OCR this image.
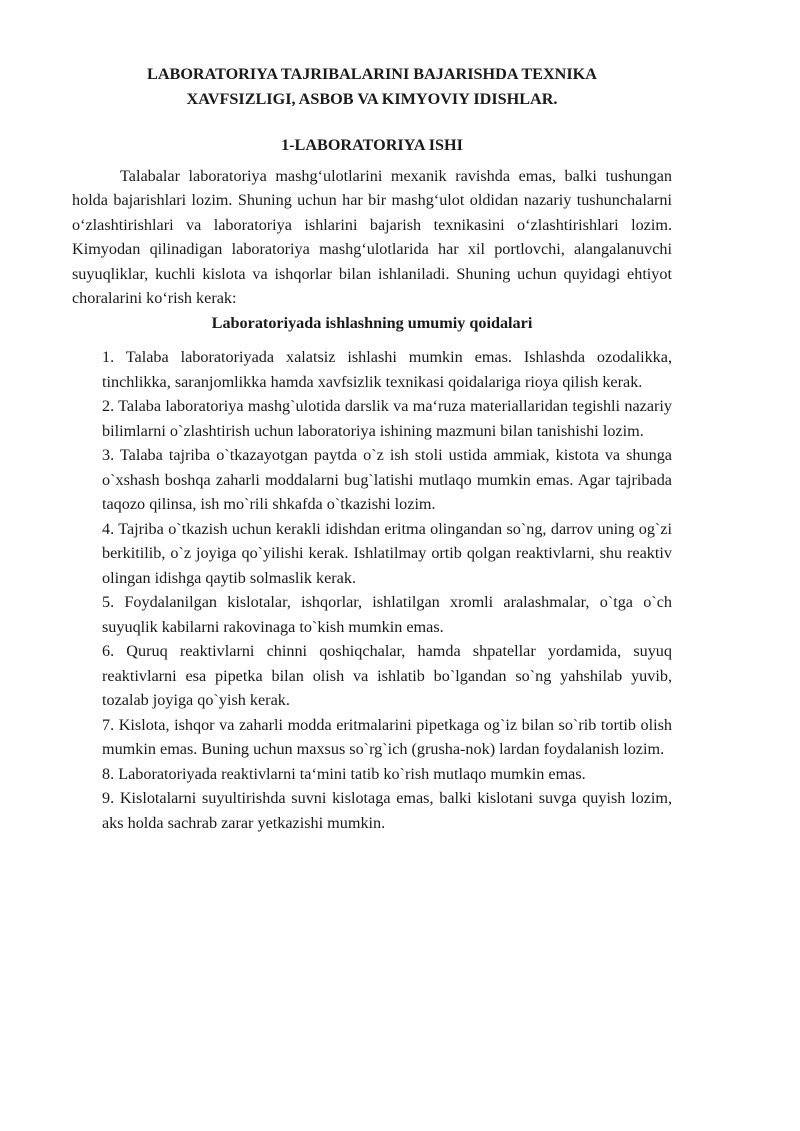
LABORATORIYA TAJRIBALARINI BAJARISHDA TEXNIKA
XAVFSIZLIGI, ASBOB VA KIMYOVIY IDISHLAR.

1-LABORATORIYA ISHI

Talabalar laboratoriya mashg‘ulotlarini mexanik ravishda emas, balki tushungan holda bajarishlari lozim. Shuning uchun har bir mashg‘ulot oldidan nazariy tushunchalarni o‘zlashtirishlari va laboratoriya ishlarini bajarish texnikasini o‘zlashtirishlari lozim. Kimyodan qilinadigan laboratoriya mashg‘ulotlarida har xil portlovchi, alangalanuvchi suyuqliklar, kuchli kislota va ishqorlar bilan ishlaniladi. Shuning uchun quyidagi ehtiyot choralarini ko‘rish kerak:

Laboratoriyada ishlashning umumiy qoidalari

1. Talaba laboratoriyada xalatsiz ishlashi mumkin emas. Ishlashda ozodalikka, tinchlikka, saranjomlikka hamda xavfsizlik texnikasi qoidalariga rioya qilish kerak.
2. Talaba laboratoriya mashg`ulotida darslik va ma‘ruza materiallaridan tegishli nazariy bilimlarni o`zlashtirish uchun laboratoriya ishining mazmuni bilan tanishishi lozim.
3. Talaba tajriba o`tkazayotgan paytda o`z ish stoli ustida ammiak, kistota va shunga o`xshash boshqa zaharli moddalarni bug`latishi mutlaqo mumkin emas. Agar tajribada taqozo qilinsa, ish mo`rili shkafda o`tkazishi lozim.
4. Tajriba o`tkazish uchun kerakli idishdan eritma olingandan so`ng, darrov uning og`zi berkitilib, o`z joyiga qo`yilishi kerak. Ishlatilmay ortib qolgan reaktivlarni, shu reaktiv olingan idishga qaytib solmaslik kerak.
5. Foydalanilgan kislotalar, ishqorlar, ishlatilgan xromli aralashmalar, o`tga o`ch suyuqlik kabilarni rakovinaga to`kish mumkin emas.
6. Quruq reaktivlarni chinni qoshiqchalar, hamda shpatellar yordamida, suyuq reaktivlarni esa pipetka bilan olish va ishlatib bo`lgandan so`ng yahshilab yuvib, tozalab joyiga qo`yish kerak.
7. Kislota, ishqor va zaharli modda eritmalarini pipetkaga og`iz bilan so`rib tortib olish mumkin emas. Buning uchun maxsus so`rg`ich (grusha-nok) lardan foydalanish lozim.
8. Laboratoriyada reaktivlarni ta‘mini tatib ko`rish mutlaqo mumkin emas.
9. Kislotalarni suyultirishda suvni kislotaga emas, balki kislotani suvga quyish lozim, aks holda sachrab zarar yetkazishi mumkin.
